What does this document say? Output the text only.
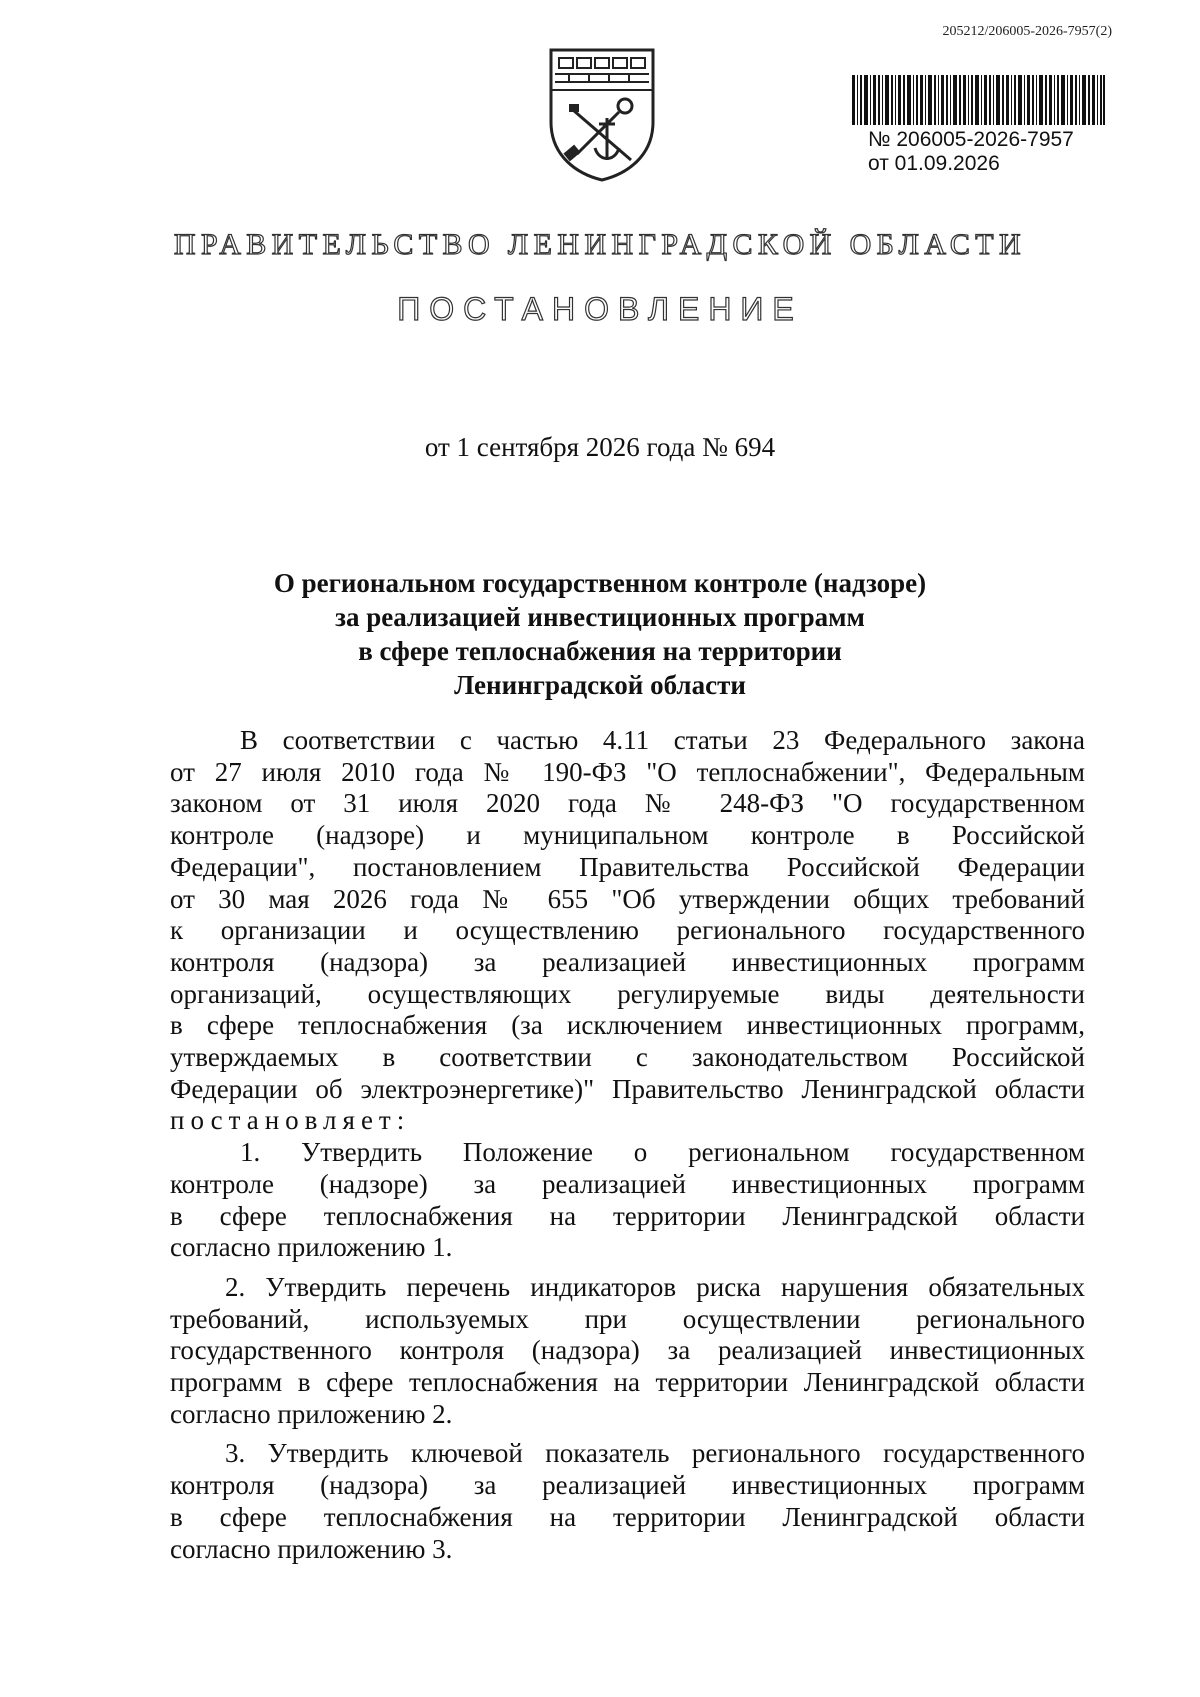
205212/206005-2026-7957(2)
№ 206005-2026-7957
от 01.09.2026
ПРАВИТЕЛЬСТВО ЛЕНИНГРАДСКОЙ ОБЛАСТИ
ПОСТАНОВЛЕНИЕ
от 1 сентября 2026 года № 694
О региональном государственном контроле (надзоре)
за реализацией инвестиционных программ
в сфере теплоснабжения на территории
Ленинградской области

В соответствии с частью 4.11 статьи 23 Федерального закона
от 27 июля 2010 года № 190-ФЗ "О теплоснабжении", Федеральным
законом от 31 июля 2020 года № 248-ФЗ "О государственном
контроле (надзоре) и муниципальном контроле в Российской
Федерации", постановлением Правительства Российской Федерации
от 30 мая 2026 года № 655 "Об утверждении общих требований
к организации и осуществлению регионального государственного
контроля (надзора) за реализацией инвестиционных программ
организаций, осуществляющих регулируемые виды деятельности
в сфере теплоснабжения (за исключением инвестиционных программ,
утверждаемых в соответствии с законодательством Российской
Федерации об электроэнергетике)" Правительство Ленинградской области
постановляет:

1. Утвердить Положение о региональном государственном
контроле (надзоре) за реализацией инвестиционных программ
в сфере теплоснабжения на территории Ленинградской области
согласно приложению 1.

2. Утвердить перечень индикаторов риска нарушения обязательных
требований, используемых при осуществлении регионального
государственного контроля (надзора) за реализацией инвестиционных
программ в сфере теплоснабжения на территории Ленинградской области
согласно приложению 2.

3. Утвердить ключевой показатель регионального государственного
контроля (надзора) за реализацией инвестиционных программ
в сфере теплоснабжения на территории Ленинградской области
согласно приложению 3.
